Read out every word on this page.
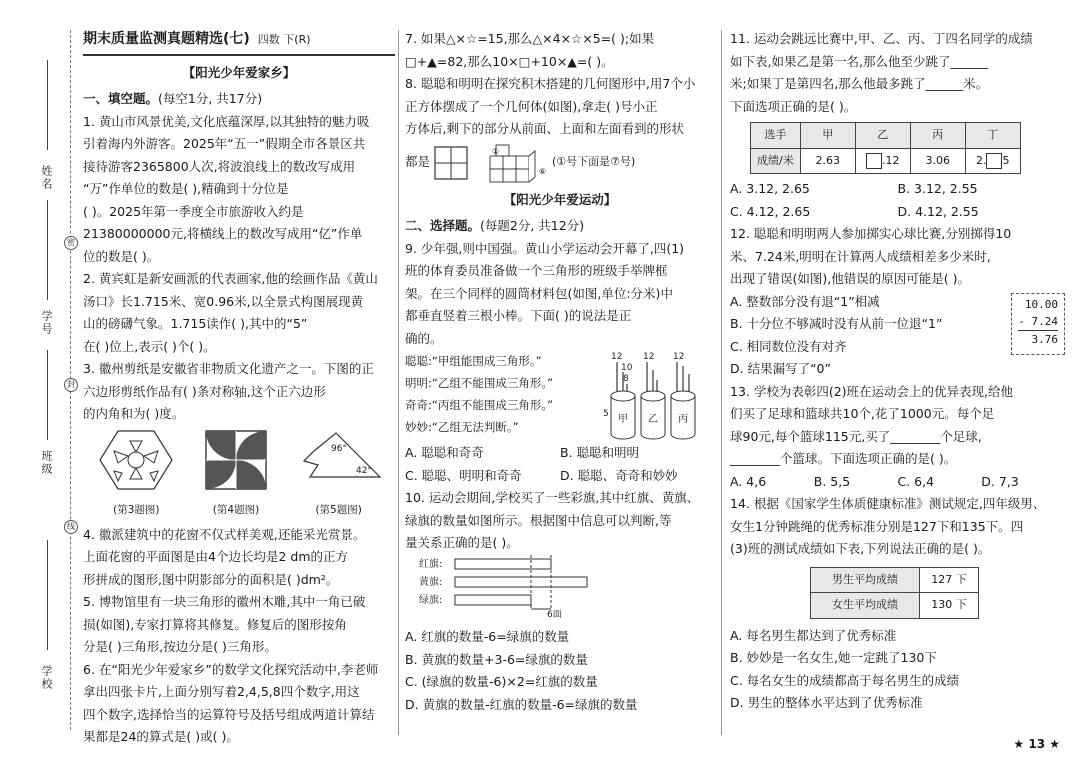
姓名
学号
班级
学校
密
封
线
期末质量监测真题精选(七) 四数 下(R)
【阳光少年爱家乡】

一、填空题。(每空1分, 共17分)

1. 黄山市风景优美,文化底蕴深厚,以其独特的魅力吸

引着海内外游客。2025年“五一”假期全市各景区共

接待游客2365800人次,将波浪线上的数改写成用

“万”作单位的数是( ),精确到十分位是

( )。2025年第一季度全市旅游收入约是

21380000000元,将横线上的数改写成用“亿”作单

位的数是( )。

2. 黄宾虹是新安画派的代表画家,他的绘画作品《黄山

汤口》长1.715米、宽0.96米,以全景式构图展现黄

山的磅礴气象。1.715读作( ),其中的“5”

在( )位上,表示( )个( )。

3. 徽州剪纸是安徽省非物质文化遗产之一。下图的正

六边形剪纸作品有( )条对称轴,这个正六边形

的内角和为( )度。

(第3题图)	(第4题图)
96°
42°
(第5题图)

4. 徽派建筑中的花窗不仅式样美观,还能采光赏景。

上面花窗的平面图是由4个边长均是2 dm的正方

形拼成的图形,图中阴影部分的面积是( )dm²。

5. 博物馆里有一块三角形的徽州木雕,其中一角已破

损(如图),专家打算将其修复。修复后的图形按角

分是( )三角形,按边分是( )三角形。

6. 在“阳光少年爱家乡”的数学文化探究活动中,李老师

拿出四张卡片,上面分别写着2,4,5,8四个数字,用这

四个数字,选择恰当的运算符号及括号组成两道计算结

果都是24的算式是( )或( )。

7. 如果△×☆=15,那么△×4×☆×5=( );如果

□+▲=82,那么10×□+10×▲=( )。

8. 聪聪和明明在探究积木搭建的几何图形中,用7个小

正方体摆成了一个几何体(如图),拿走( )号小正

方体后,剩下的部分从前面、上面和左面看到的形状

都是
①
⑥
(①号下面是⑦号)
【阳光少年爱运动】

二、选择题。(每题2分, 共12分)

9. 少年强,则中国强。黄山小学运动会开幕了,四(1)

班的体育委员准备做一个三角形的班级手举牌框

架。在三个同样的圆筒材料包(如图,单位:分米)中

都垂直竖着三根小棒。下面( )的说法是正

确的。

聪聪:“甲组能围成三角形。”

明明:“乙组不能围成三角形。”

奇奇:“丙组不能围成三角形。”

妙妙:“乙组无法判断。”

12 12 12
10
8
5 甲 乙 丙
A. 聪聪和奇奇	B. 聪聪和明明
C. 聪聪、明明和奇奇	D. 聪聪、奇奇和妙妙

10. 运动会期间,学校买了一些彩旗,其中红旗、黄旗、

绿旗的数量如图所示。根据图中信息可以判断,等

量关系正确的是( )。

红旗:
黄旗:
绿旗:
6面

A. 红旗的数量-6=绿旗的数量

B. 黄旗的数量+3-6=绿旗的数量

C. (绿旗的数量-6)×2=红旗的数量

D. 黄旗的数量-红旗的数量-6=绿旗的数量

11. 运动会跳远比赛中,甲、乙、丙、丁四名同学的成绩

如下表,如果乙是第一名,那么他至少跳了______

米;如果丁是第四名,那么他最多跳了______米。

下面选项正确的是( )。

选手	甲	乙	丙	丁
成绩/米	2.63	.12	3.06	2. 5
A. 3.12, 2.65	B. 3.12, 2.55
C. 4.12, 2.65	D. 4.12, 2.55

12. 聪聪和明明两人参加掷实心球比赛,分别掷得10

米、7.24米,明明在计算两人成绩相差多少米时,

出现了错误(如图),他错误的原因可能是( )。

A. 整数部分没有退“1”相减

B. 十分位不够减时没有从前一位退“1”

C. 相同数位没有对齐

D. 结果漏写了“0”

10.00
- 7.24
3.76

13. 学校为表彰四(2)班在运动会上的优异表现,给他

们买了足球和篮球共10个,花了1000元。每个足

球90元,每个篮球115元,买了________个足球,

________个篮球。下面选项正确的是( )。

A. 4,6	B. 5,5	C. 6,4	D. 7,3

14. 根据《国家学生体质健康标准》测试规定,四年级男、

女生1分钟跳绳的优秀标准分别是127下和135下。四

(3)班的测试成绩如下表,下列说法正确的是( )。

男生平均成绩	127 下
女生平均成绩	130 下

A. 每名男生都达到了优秀标准

B. 妙妙是一名女生,她一定跳了130下

C. 每名女生的成绩都高于每名男生的成绩

D. 男生的整体水平达到了优秀标准

★ 13 ★
